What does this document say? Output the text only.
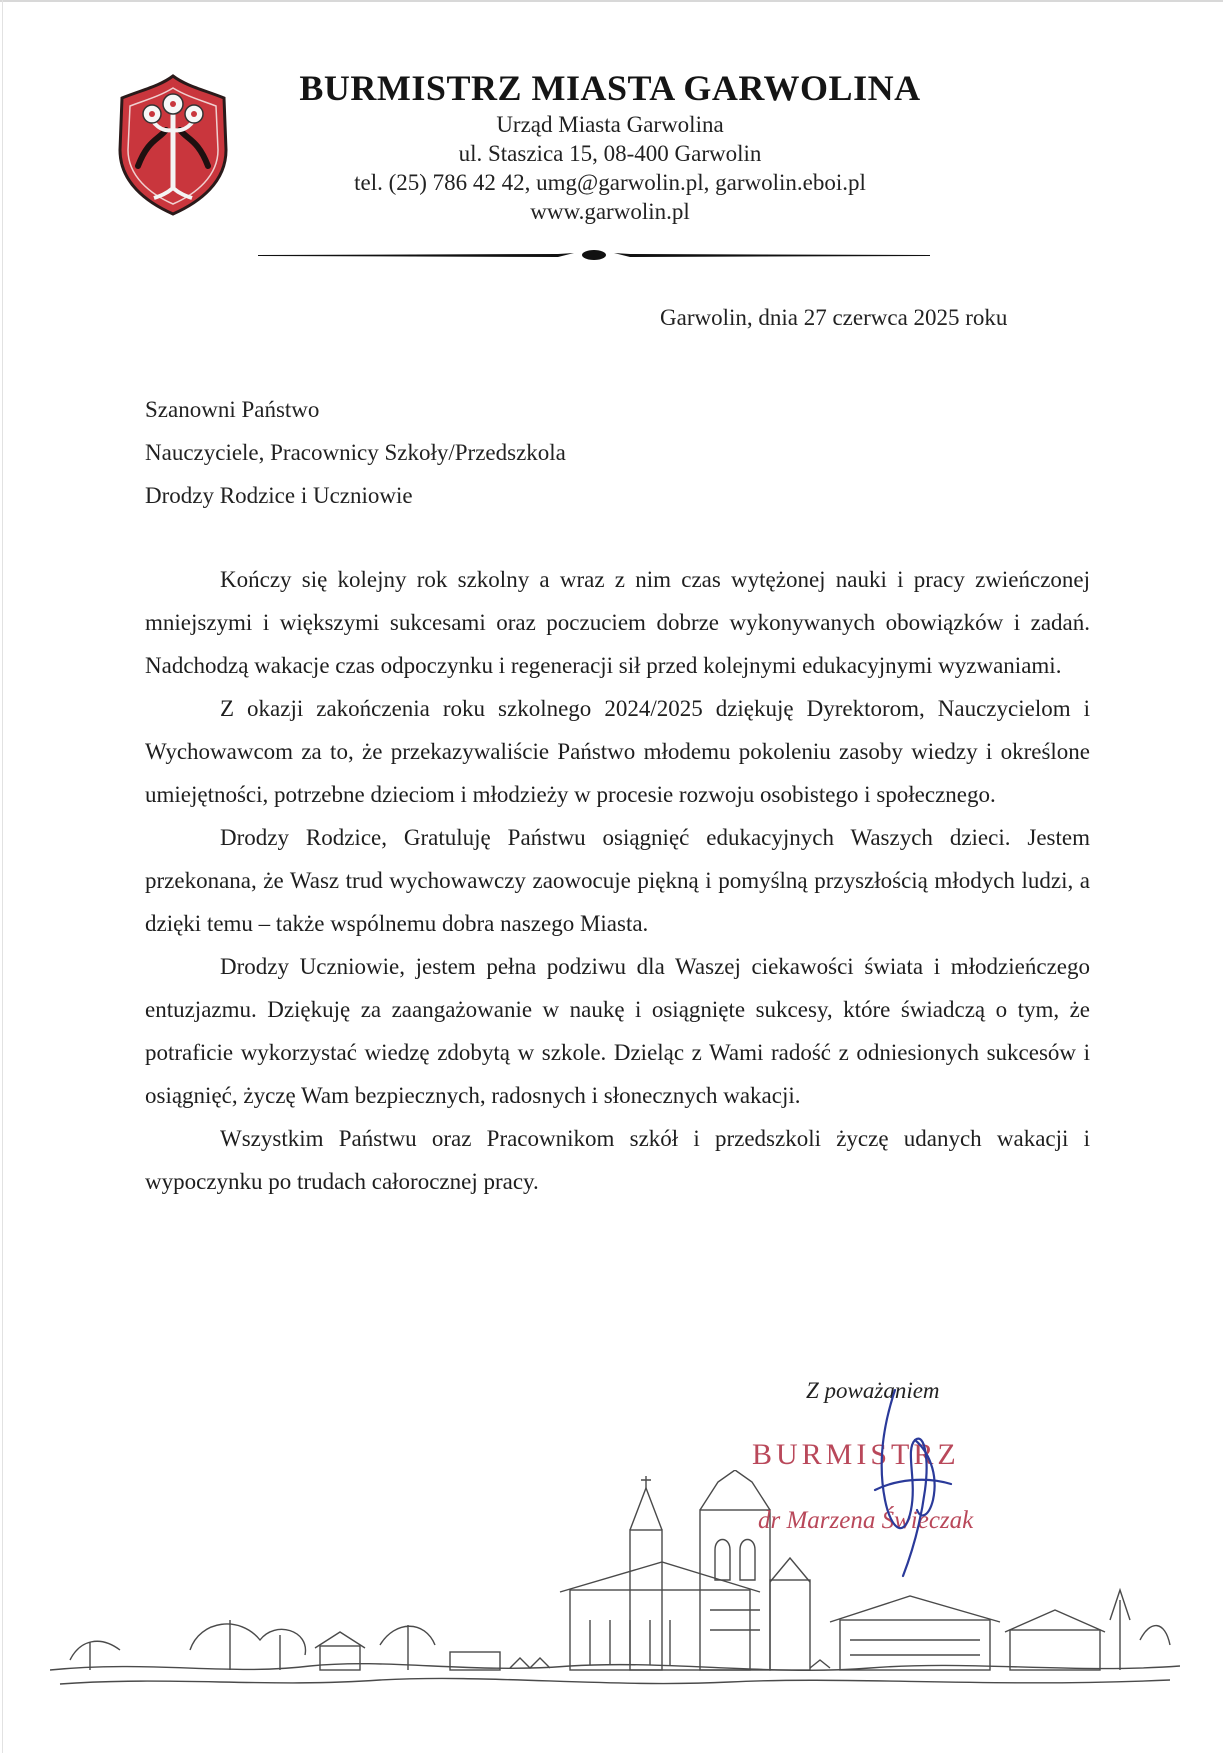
BURMISTRZ MIASTA GARWOLINA
Urząd Miasta Garwolina
ul. Staszica 15, 08-400 Garwolin
tel. (25) 786 42 42, umg@garwolin.pl, garwolin.eboi.pl
www.garwolin.pl
Garwolin, dnia 27 czerwca 2025 roku
Szanowni Państwo
Nauczyciele, Pracownicy Szkoły/Przedszkola
Drodzy Rodzice i Uczniowie

Kończy się kolejny rok szkolny a wraz z nim czas wytężonej nauki i pracy zwieńczonej mniejszymi i większymi sukcesami oraz poczuciem dobrze wykonywanych obowiązków i zadań. Nadchodzą wakacje czas odpoczynku i regeneracji sił przed kolejnymi edukacyjnymi wyzwaniami.

Z okazji zakończenia roku szkolnego 2024/2025 dziękuję Dyrektorom, Nauczycielom i Wychowawcom za to, że przekazywaliście Państwo młodemu pokoleniu zasoby wiedzy i określone umiejętności, potrzebne dzieciom i młodzieży w procesie rozwoju osobistego i społecznego.

Drodzy Rodzice, Gratuluję Państwu osiągnięć edukacyjnych Waszych dzieci. Jestem przekonana, że Wasz trud wychowawczy zaowocuje piękną i pomyślną przyszłością młodych ludzi, a dzięki temu – także wspólnemu dobra naszego Miasta.

Drodzy Uczniowie, jestem pełna podziwu dla Waszej ciekawości świata i młodzieńczego entuzjazmu. Dziękuję za zaangażowanie w naukę i osiągnięte sukcesy, które świadczą o tym, że potraficie wykorzystać wiedzę zdobytą w szkole. Dzieląc z Wami radość z odniesionych sukcesów i osiągnięć, życzę Wam bezpiecznych, radosnych i słonecznych wakacji.

Wszystkim Państwu oraz Pracownikom szkół i przedszkoli życzę udanych wakacji i wypoczynku po trudach całorocznej pracy.

Z poważaniem
BURMISTRZ
dr Marzena Świeczak
